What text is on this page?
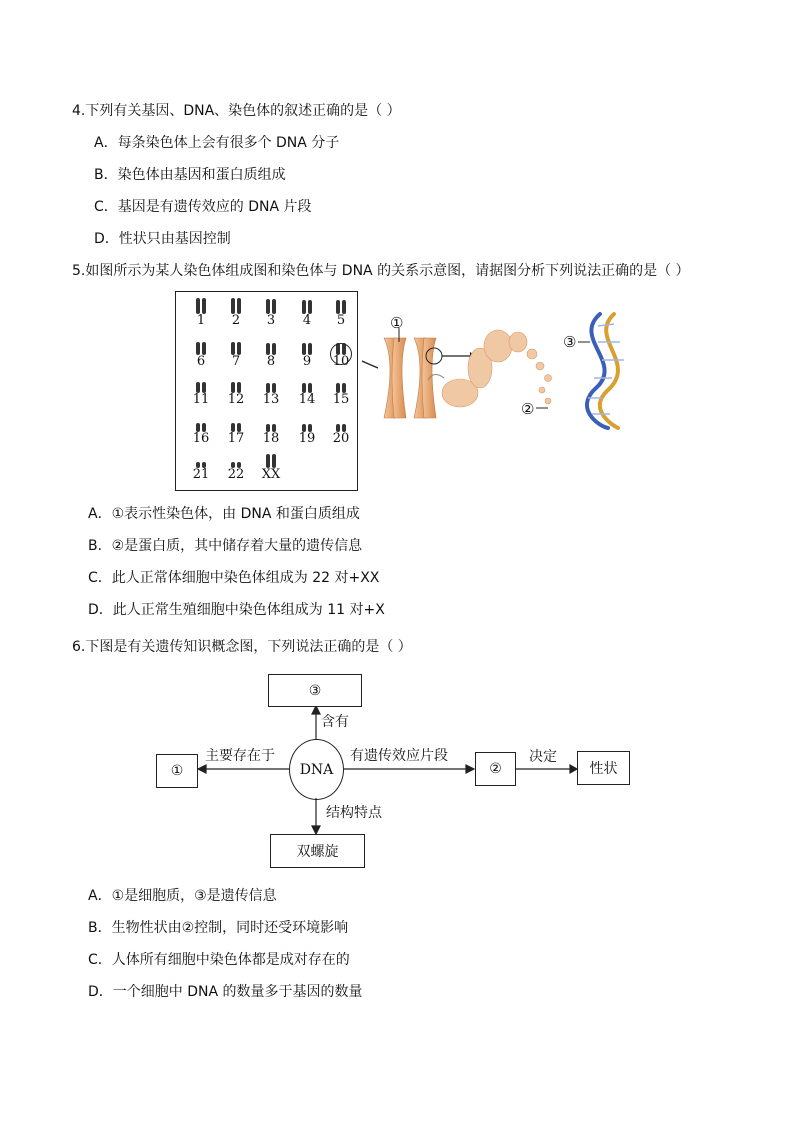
4.下列有关基因、DNA、染色体的叙述正确的是（ ）
A．每条染色体上会有很多个 DNA 分子
B．染色体由基因和蛋白质组成
C．基因是有遗传效应的 DNA 片段
D．性状只由基因控制
5.如图所示为某人染色体组成图和染色体与 DNA 的关系示意图，请据图分析下列说法正确的是（ ）
1	2	3	4	5
6	7	8	9	10
11	12	13	14	15
16	17	18	19	20
21	22	XX
①
②
③
A．①表示性染色体，由 DNA 和蛋白质组成
B．②是蛋白质，其中储存着大量的遗传信息
C．此人正常体细胞中染色体组成为 22 对+XX
D．此人正常生殖细胞中染色体组成为 11 对+X
6.下图是有关遗传知识概念图，下列说法正确的是（ ）
③
①	②	性状
双螺旋
DNA
含有
主要存在于	有遗传效应片段	决定
结构特点
A．①是细胞质，③是遗传信息
B．生物性状由②控制，同时还受环境影响
C．人体所有细胞中染色体都是成对存在的
D．一个细胞中 DNA 的数量多于基因的数量
